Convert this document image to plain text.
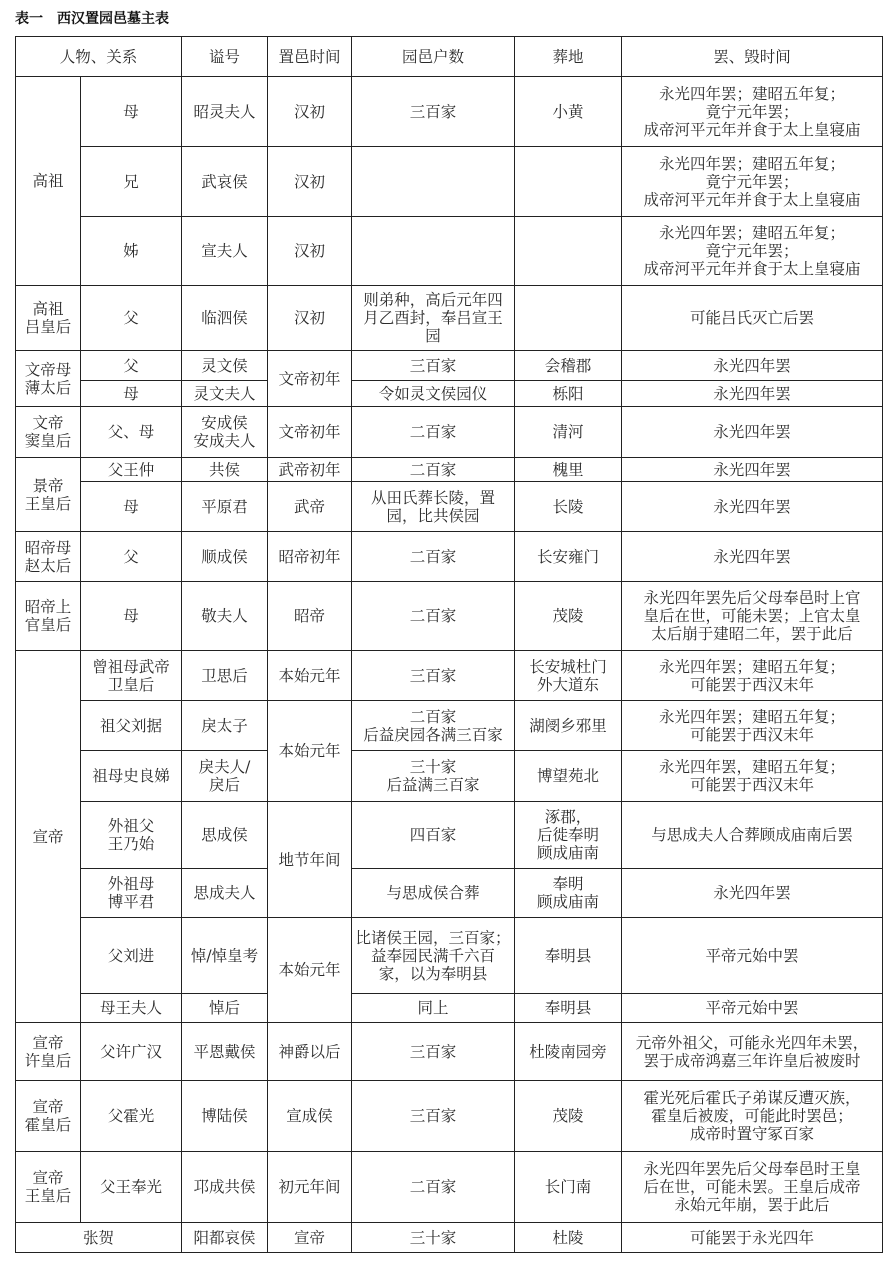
表一　西汉置园邑墓主表
人物、关系		谥号	置邑时间	园邑户数	葬地	罢、毁时间
高祖	母	昭灵夫人	汉初	三百家	小黄	永光四年罢；建昭五年复；
竟宁元年罢；
成帝河平元年并食于太上皇寝庙
	兄	武哀侯	汉初			永光四年罢；建昭五年复；
竟宁元年罢；
成帝河平元年并食于太上皇寝庙
	姊	宣夫人	汉初			永光四年罢；建昭五年复；
竟宁元年罢；
成帝河平元年并食于太上皇寝庙
高祖
吕皇后	父	临泗侯	汉初	则弟种，高后元年四
月乙酉封，奉吕宣王
园		可能吕氏灭亡后罢
文帝母
薄太后	父	灵文侯	文帝初年	三百家	会稽郡	永光四年罢
	母	灵文夫人		令如灵文侯园仪	栎阳	永光四年罢
文帝
窦皇后	父、母	安成侯
安成夫人	文帝初年	二百家	清河	永光四年罢
景帝
王皇后	父王仲	共侯	武帝初年	二百家	槐里	永光四年罢
	母	平原君	武帝	从田氏葬长陵，置
园，比共侯园	长陵	永光四年罢
昭帝母
赵太后	父	顺成侯	昭帝初年	二百家	长安雍门	永光四年罢
昭帝上
官皇后	母	敬夫人	昭帝	二百家	茂陵	永光四年罢先后父母奉邑时上官
皇后在世，可能未罢；上官太皇
太后崩于建昭二年，罢于此后
宣帝	曾祖母武帝
卫皇后	卫思后	本始元年	三百家	长安城杜门
外大道东	永光四年罢；建昭五年复；
可能罢于西汉末年
	祖父刘据	戾太子	本始元年	二百家
后益戾园各满三百家	湖阌乡邪里	永光四年罢；建昭五年复；
可能罢于西汉末年
	祖母史良娣	戾夫人/
戾后		三十家
后益满三百家	博望苑北	永光四年罢，建昭五年复；
可能罢于西汉末年
	外祖父
王乃始	思成侯	地节年间	四百家	涿郡，
后徙奉明
顾成庙南	与思成夫人合葬顾成庙南后罢
	外祖母
博平君	思成夫人		与思成侯合葬	奉明
顾成庙南	永光四年罢
	父刘进	悼/悼皇考	本始元年	比诸侯王园，三百家；
益奉园民满千六百
家，以为奉明县	奉明县	平帝元始中罢
	母王夫人	悼后		同上	奉明县	平帝元始中罢
宣帝
许皇后	父许广汉	平恩戴侯	神爵以后	三百家	杜陵南园旁	元帝外祖父，可能永光四年未罢，
罢于成帝鸿嘉三年许皇后被废时
宣帝
霍皇后	父霍光	博陆侯	宣成侯	三百家	茂陵	霍光死后霍氏子弟谋反遭灭族，
霍皇后被废，可能此时罢邑；
成帝时置守冢百家
宣帝
王皇后	父王奉光	邛成共侯	初元年间	二百家	长门南	永光四年罢先后父母奉邑时王皇
后在世，可能未罢。王皇后成帝
永始元年崩，罢于此后
张贺		阳都哀侯	宣帝	三十家	杜陵	可能罢于永光四年
